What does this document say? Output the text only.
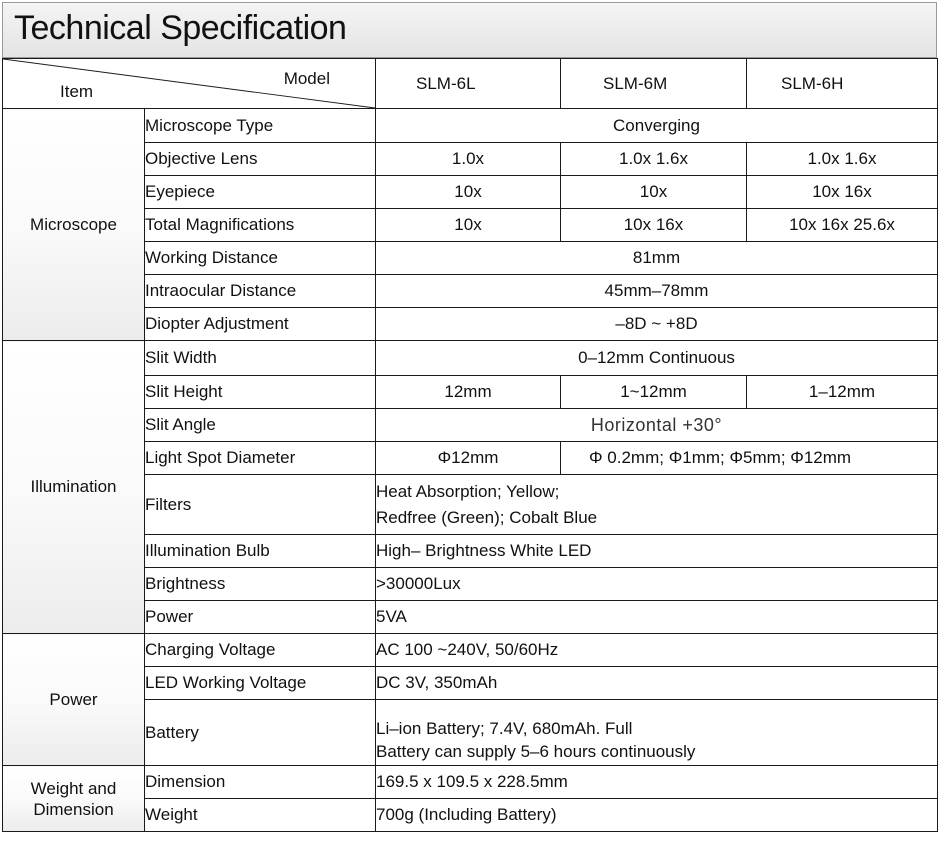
Technical Specification
Model
Item		SLM-6L	SLM-6M	SLM-6H
Microscope	Microscope Type	Converging		
	Objective Lens	1.0x	1.0x 1.6x	1.0x 1.6x
	Eyepiece	10x	10x	10x 16x
	Total Magnifications	10x	10x 16x	10x 16x 25.6x
	Working Distance	81mm		
	Intraocular Distance	45mm–78mm		
	Diopter Adjustment	–8D ~ +8D		
Illumination	Slit Width	0–12mm Continuous		
	Slit Height	12mm	1~12mm	1–12mm
	Slit Angle	Horizontal +30°		
	Light Spot Diameter	Φ12mm	Φ 0.2mm; Φ1mm; Φ5mm; Φ12mm	
	Filters	Heat Absorption; Yellow;
Redfree (Green); Cobalt Blue		

	Illumination Bulb	High– Brightness White LED		
	Brightness	>30000Lux		
	Power	5VA		
Power	Charging Voltage	AC 100 ~240V, 50/60Hz		
	LED Working Voltage	DC 3V, 350mAh		
	Battery	Li–ion Battery; 7.4V, 680mAh. Full
Battery can supply 5–6 hours continuously		

Weight and
Dimension	Dimension	169.5 x 109.5 x 228.5mm		
	Weight	700g (Including Battery)		
